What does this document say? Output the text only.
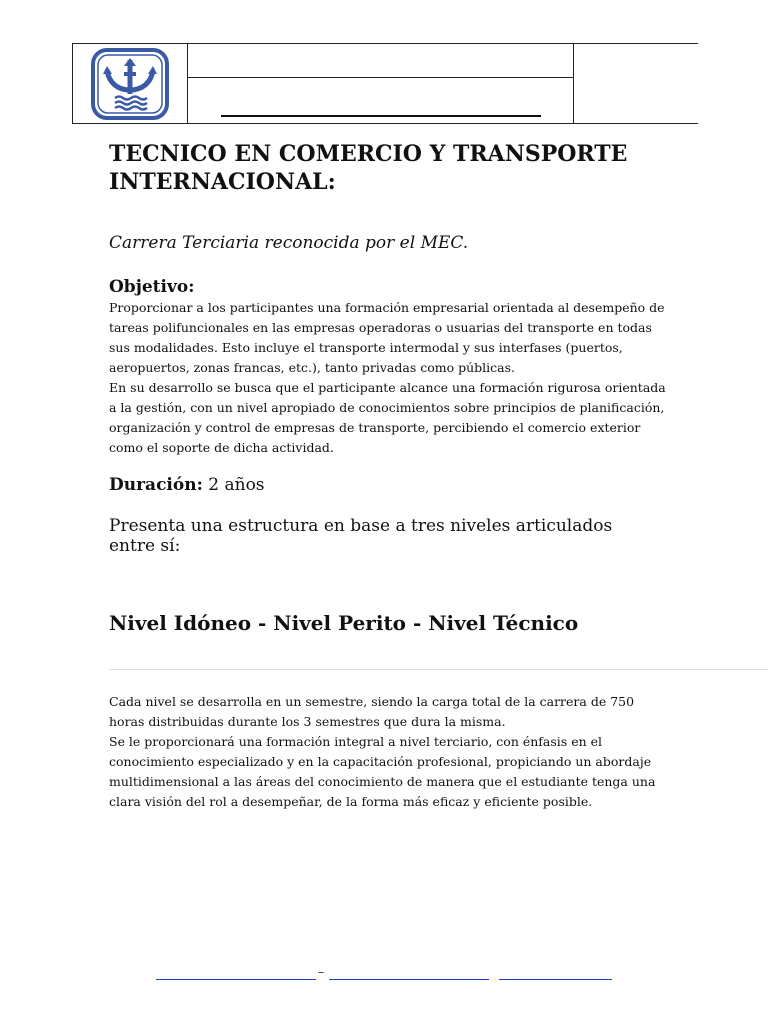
TECNICO EN COMERCIO Y TRANSPORTE INTERNACIONAL:

Carrera Terciaria reconocida por el MEC.

Objetivo:

Proporcionar a los participantes una formación empresarial orientada al desempeño de tareas polifuncionales en las empresas operadoras o usuarias del transporte en todas sus modalidades. Esto incluye el transporte intermodal y sus interfases (puertos, aeropuertos, zonas francas, etc.), tanto privadas como públicas.

En su desarrollo se busca que el participante alcance una formación rigurosa orientada a la gestión, con un nivel apropiado de conocimientos sobre principios de planificación, organización y control de empresas de transporte, percibiendo el comercio exterior como el soporte de dicha actividad.

Duración: 2 años

Presenta una estructura en base a tres niveles articulados entre sí:

Nivel Idóneo - Nivel Perito - Nivel Técnico

Cada nivel se desarrolla en un semestre, siendo la carga total de la carrera de 750 horas distribuidas durante los 3 semestres que dura la misma.

Se le proporcionará una formación integral a nivel terciario, con énfasis en el conocimiento especializado y en la capacitación profesional, propiciando un abordaje multidimensional a las áreas del conocimiento de manera que el estudiante tenga una clara visión del rol a desempeñar, de la forma más eficaz y eficiente posible.

–
